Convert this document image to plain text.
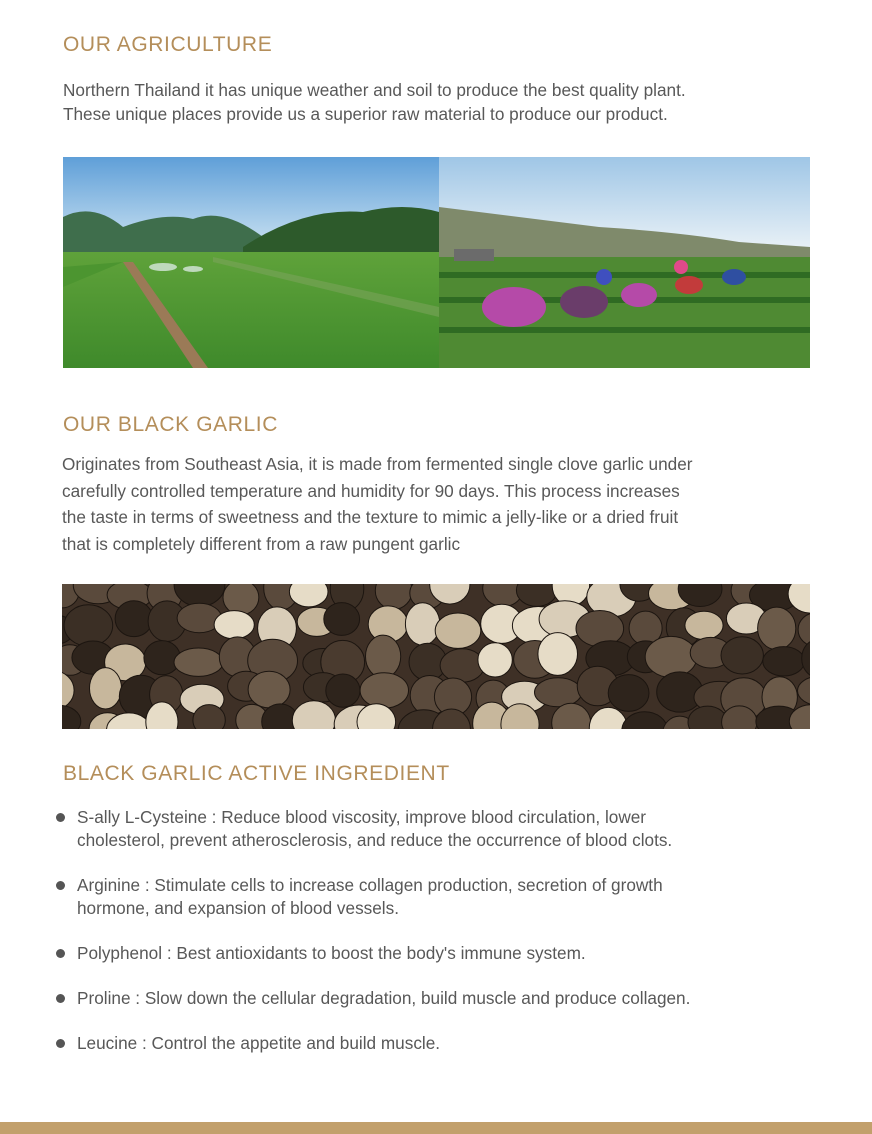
OUR AGRICULTURE

Northern Thailand it has unique weather and soil to produce the best quality plant.
These unique places provide us a superior raw material to produce our product.

OUR BLACK GARLIC

Originates from Southeast Asia, it is made from fermented single clove garlic under
carefully controlled temperature and humidity for 90 days. This process increases
the taste in terms of sweetness and the texture to mimic a jelly-like or a dried fruit
that is completely different from a raw pungent garlic

BLACK GARLIC ACTIVE INGREDIENT
S-ally L-Cysteine : Reduce blood viscosity, improve blood circulation, lower
cholesterol, prevent atherosclerosis, and reduce the occurrence of blood clots.
Arginine : Stimulate cells to increase collagen production, secretion of growth
hormone, and expansion of blood vessels.
Polyphenol : Best antioxidants to boost the body's immune system.
Proline : Slow down the cellular degradation, build muscle and produce collagen.
Leucine : Control the appetite and build muscle.
